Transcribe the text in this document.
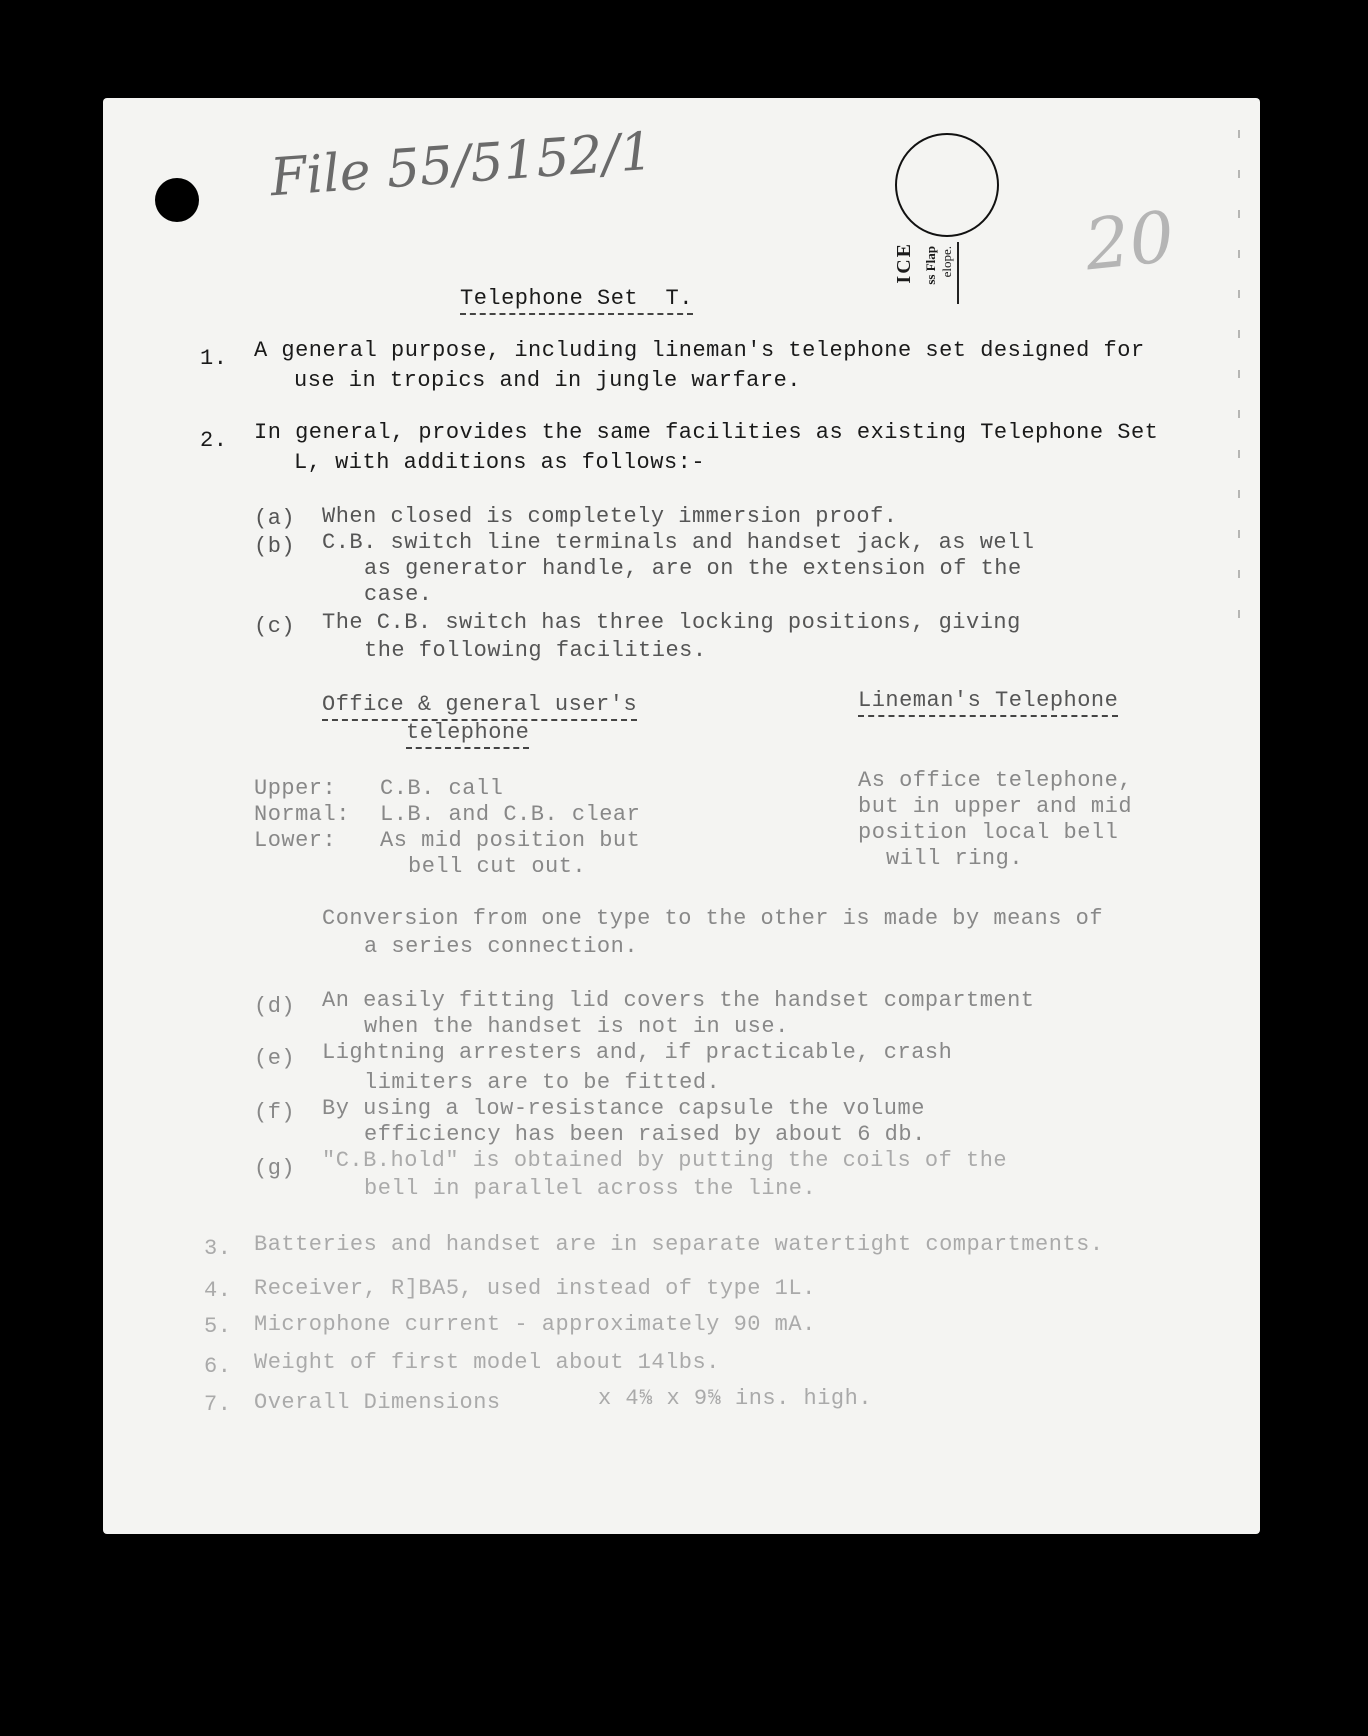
File 55/5152/1
20
ICE ss Flap elope.
Telephone Set  T.
1. A general purpose, including lineman's telephone set designed for
use in tropics and in jungle warfare.
2. In general, provides the same facilities as existing Telephone Set
L, with additions as follows:-
(a) When closed is completely immersion proof.
(b) C.B. switch line terminals and handset jack, as well
as generator handle, are on the extension of the
case.
(c) The C.B. switch has three locking positions, giving
the following facilities.
Office & general user's
telephone
Lineman's Telephone
Upper: C.B. call
Normal: L.B. and C.B. clear
Lower: As mid position but
bell cut out.
As office telephone,
but in upper and mid
position local bell
will ring.
Conversion from one type to the other is made by means of
a series connection.
(d) An easily fitting lid covers the handset compartment
when the handset is not in use.
(e) Lightning arresters and, if practicable, crash
limiters are to be fitted.
(f) By using a low-resistance capsule the volume
efficiency has been raised by about 6 db.
(g) "C.B.hold" is obtained by putting the coils of the
bell in parallel across the line.
3. Batteries and handset are in separate watertight compartments.
4. Receiver, R]BA5, used instead of type 1L.
5. Microphone current - approximately 90 mA.
6. Weight of first model about 14lbs.
7. Overall Dimensions	x 4⅝ x 9⅝ ins. high.
